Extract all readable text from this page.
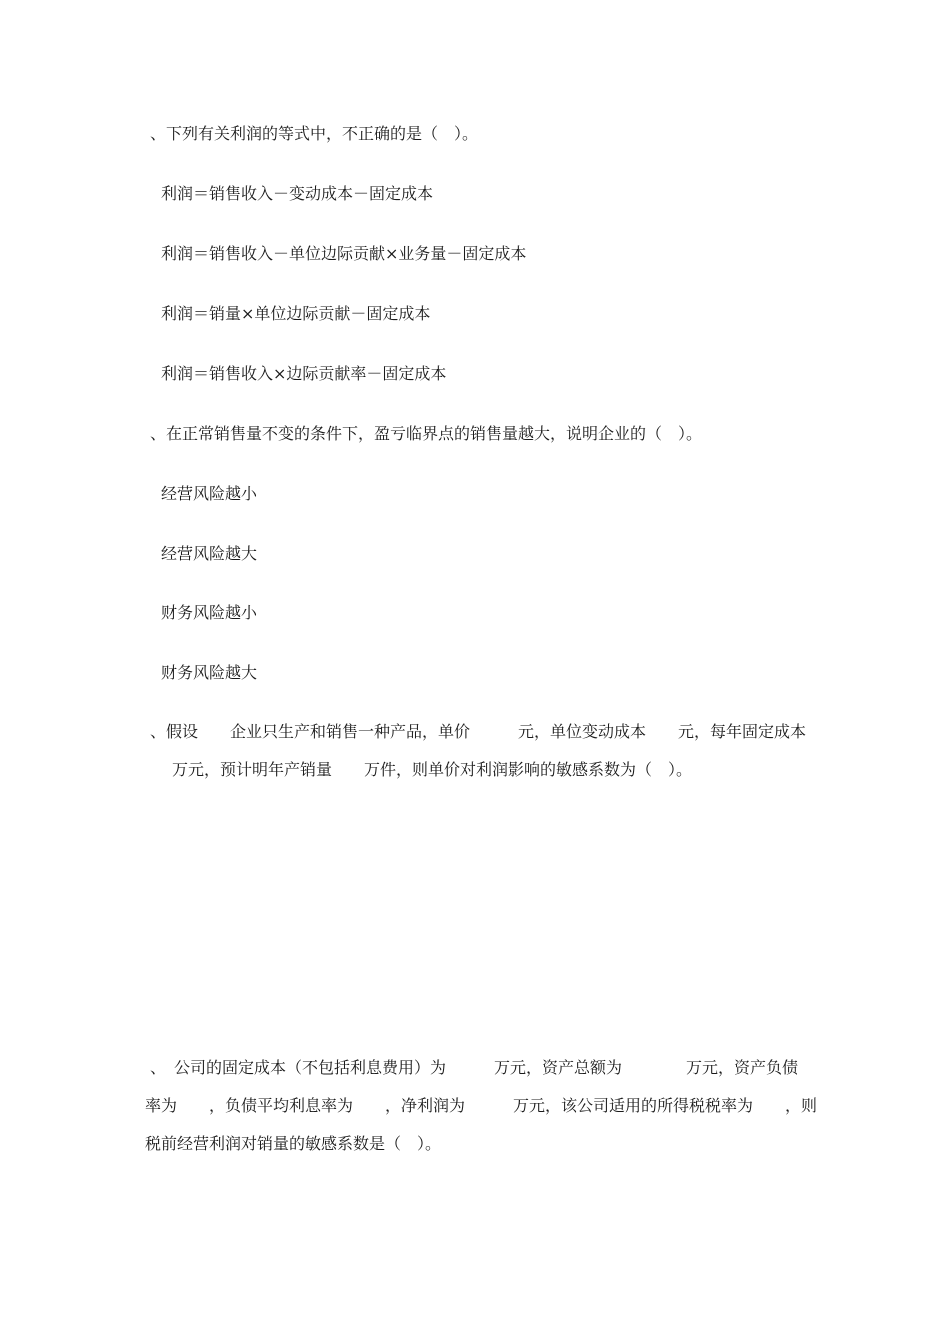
、下列有关利润的等式中，不正确的是（　）。
利润＝销售收入－变动成本－固定成本
利润＝销售收入－单位边际贡献×业务量－固定成本
利润＝销量×单位边际贡献－固定成本
利润＝销售收入×边际贡献率－固定成本
、在正常销售量不变的条件下，盈亏临界点的销售量越大，说明企业的（　）。
经营风险越小
经营风险越大
财务风险越小
财务风险越大
、假设　　企业只生产和销售一种产品，单价　　　元，单位变动成本　　元，每年固定成本
万元，预计明年产销量　　万件，则单价对利润影响的敏感系数为（　）。
、　公司的固定成本（不包括利息费用）为　　　万元，资产总额为　　　　万元，资产负债
率为　　，负债平均利息率为　　，净利润为　　　万元，该公司适用的所得税税率为　　，则
税前经营利润对销量的敏感系数是（　）。
